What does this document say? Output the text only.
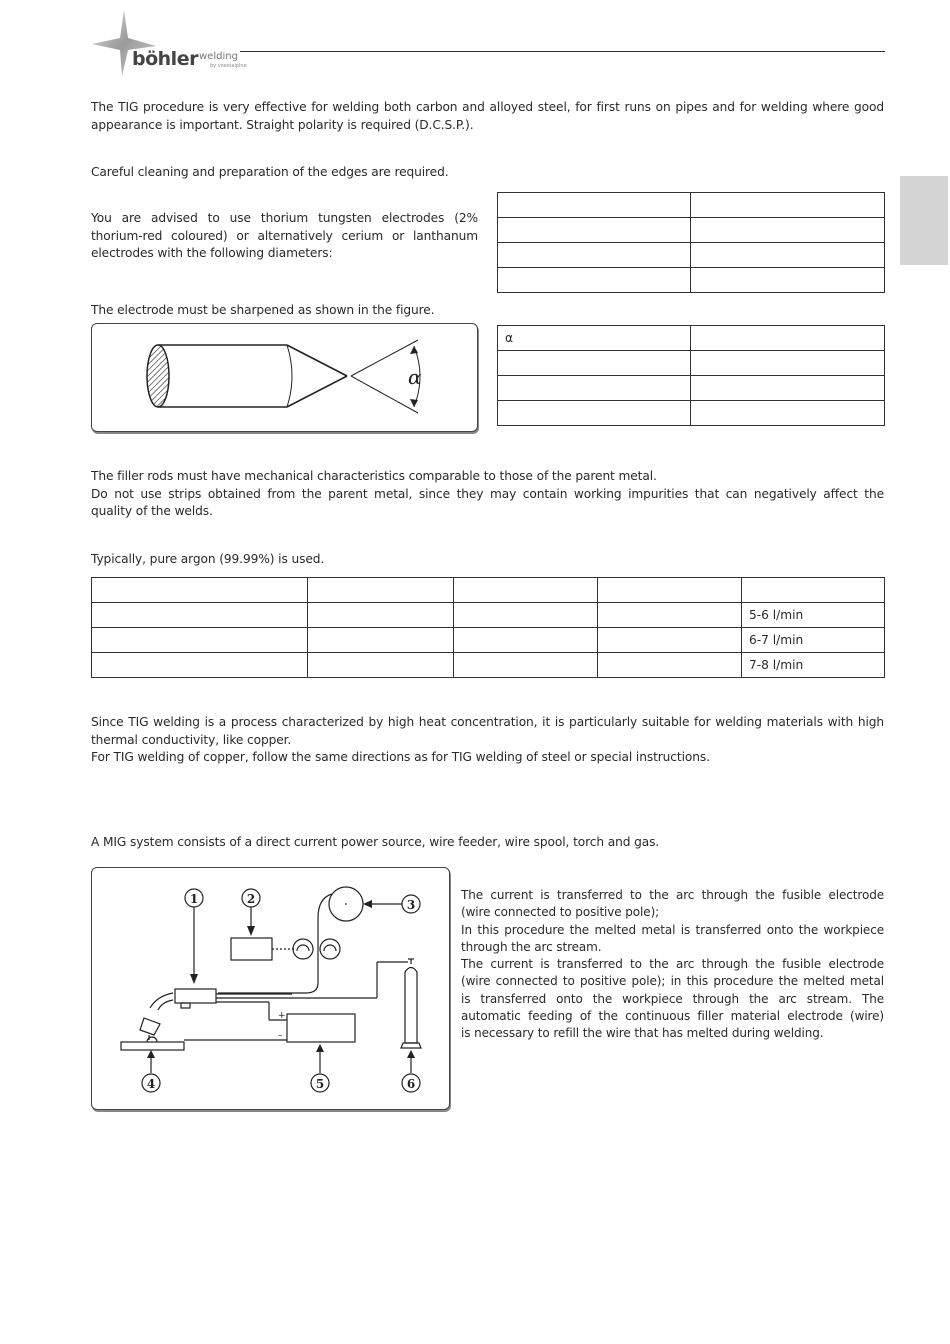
böhler welding
by voestalpine

The TIG procedure is very effective for welding both carbon and alloyed steel, for first runs on pipes and for welding where good
appearance is important. Straight polarity is required (D.C.S.P.).

Careful cleaning and preparation of the edges are required.

You are advised to use thorium tungsten electrodes (2%
thorium-red coloured) or alternatively cerium or lanthanum
electrodes with the following diameters:

The electrode must be sharpened as shown in the figure.

α
α	

The filler rods must have mechanical characteristics comparable to those of the parent metal.
Do not use strips obtained from the parent metal, since they may contain working impurities that can negatively affect the
quality of the welds.

Typically, pure argon (99.99%) is used.

				5-6 l/min
				6-7 l/min
				7-8 l/min

Since TIG welding is a process characterized by high heat concentration, it is particularly suitable for welding materials with high
thermal conductivity, like copper.
For TIG welding of copper, follow the same directions as for TIG welding of steel or special instructions.

A MIG system consists of a direct current power source, wire feeder, wire spool, torch and gas.

1	2	3
4	5	6
+
–

The current is transferred to the arc through the fusible electrode
(wire connected to positive pole);
In this procedure the melted metal is transferred onto the workpiece
through the arc stream.
The current is transferred to the arc through the fusible electrode
(wire connected to positive pole); in this procedure the melted metal
is transferred onto the workpiece through the arc stream. The
automatic feeding of the continuous filler material electrode (wire)
is necessary to refill the wire that has melted during welding.
